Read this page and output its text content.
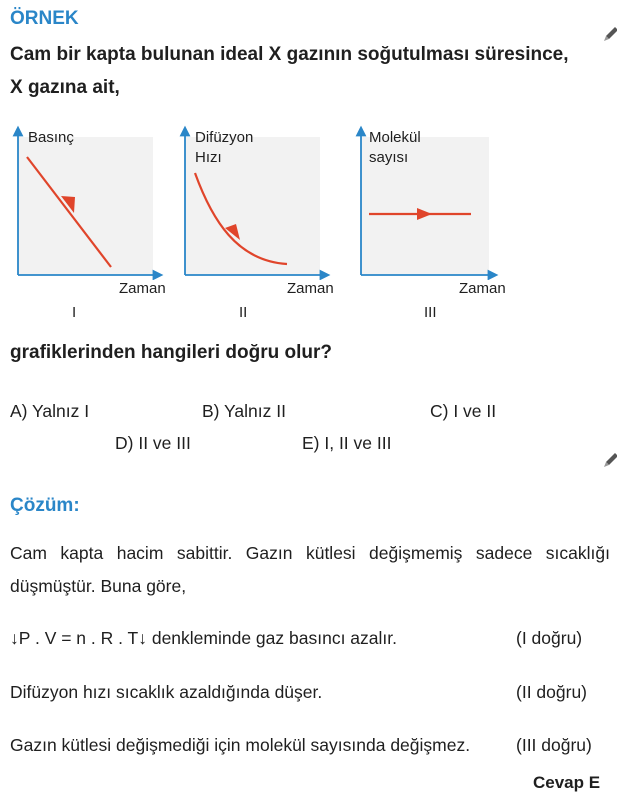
ÖRNEK
Cam bir kapta bulunan ideal X gazının soğutulması süresince,
X gazına ait,
Basınç
Zaman
I
Difüzyon
Hızı
Zaman
II
Molekül
sayısı
Zaman
III
grafiklerinden hangileri doğru olur?
A) Yalnız I	B) Yalnız II	C) I ve II
D) II ve III	E) I, II ve III
Çözüm:
Cam kapta hacim sabittir. Gazın kütlesi değişmemiş sadece sıcaklığı
düşmüştür. Buna göre,
↓P . V = n . R . T↓ denkleminde gaz basıncı azalır.	(I doğru)
Difüzyon hızı sıcaklık azaldığında düşer.	(II doğru)
Gazın kütlesi değişmediği için molekül sayısında değişmez.	(III doğru)
Cevap E
